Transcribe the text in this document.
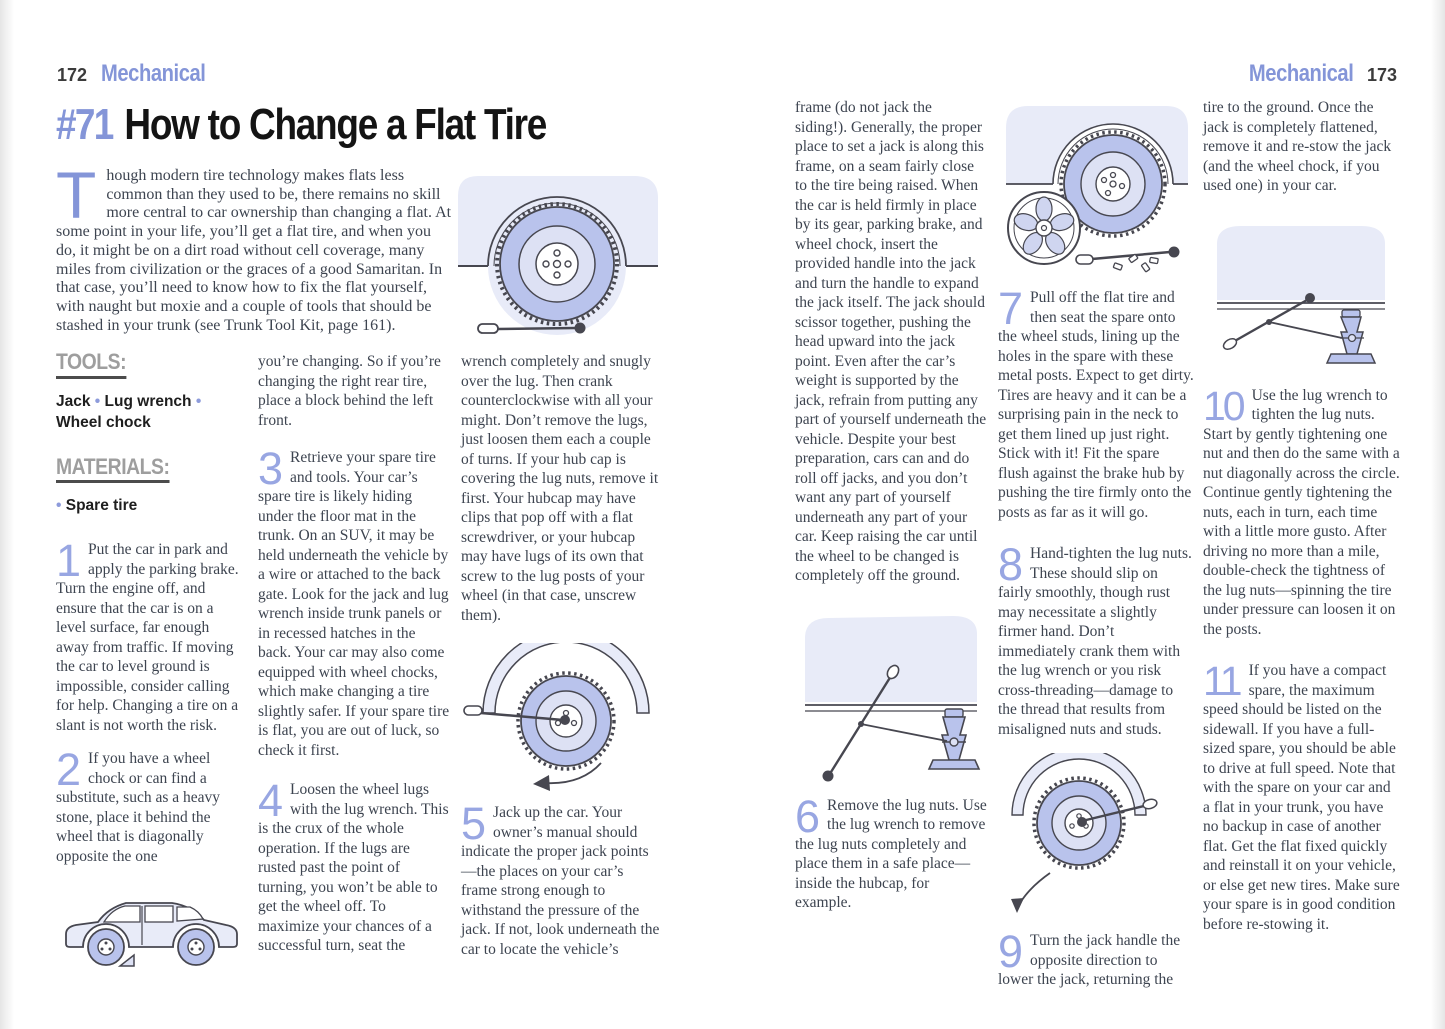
172 Mechanical	Mechanical 173
#71 How to Change a Flat Tire
Though modern tire technology makes flats less common than they used to be, there remains no skill more central to car ownership than changing a flat. At some point in your life, you’ll get a flat tire, and when you do, it might be on a dirt road without cell coverage, many miles from civilization or the graces of a good Samaritan. In that case, you’ll need to know how to fix the flat yourself, with naught but moxie and a couple of tools that should be stashed in your trunk (see Trunk Tool Kit, page 161).
TOOLS:
Jack • Lug wrench • Wheel chock
MATERIALS:
• Spare tire
1 Put the car in park and apply the parking brake. Turn the engine off, and ensure that the car is on a level surface, far enough away from traffic. If moving the car to level ground is impossible, consider calling for help. Changing a tire on a slant is not worth the risk.
2 If you have a wheel chock or can find a substitute, such as a heavy stone, place it behind the wheel that is diagonally opposite the one

you’re changing. So if you’re changing the right rear tire, place a block behind the left front.

3 Retrieve your spare tire and tools. Your car’s spare tire is likely hiding under the floor mat in the trunk. On an SUV, it may be held underneath the vehicle by a wire or attached to the back gate. Look for the jack and lug wrench inside trunk panels or in recessed hatches in the back. Your car may also come equipped with wheel chocks, which make changing a tire slightly safer. If your spare tire is flat, you are out of luck, so check it first.
4 Loosen the wheel lugs with the lug wrench. This is the crux of the whole operation. If the lugs are rusted past the point of turning, you won’t be able to get the wheel off. To maximize your chances of a successful turn, seat the

wrench completely and snugly over the lug. Then crank counterclockwise with all your might. Don’t remove the lugs, just loosen them each a couple of turns. If your hub cap is covering the lug nuts, remove it first. Your hubcap may have clips that pop off with a flat screwdriver, or your hubcap may have lugs of its own that screw to the lug posts of your wheel (in that case, unscrew them).

5 Jack up the car. Your owner’s manual should indicate the proper jack points—the places on your car’s frame strong enough to withstand the pressure of the jack. If not, look underneath the car to locate the vehicle’s

frame (do not jack the siding!). Generally, the proper place to set a jack is along this frame, on a seam fairly close to the tire being raised. When the car is held firmly in place by its gear, parking brake, and wheel chock, insert the provided handle into the jack and turn the handle to expand the jack itself. The jack should scissor together, pushing the head upward into the jack point. Even after the car’s weight is supported by the jack, refrain from putting any part of yourself underneath the vehicle. Despite your best preparation, cars can and do roll off jacks, and you don’t want any part of yourself underneath any part of your car. Keep raising the car until the wheel to be changed is completely off the ground.

6 Remove the lug nuts. Use the lug wrench to remove the lug nuts completely and place them in a safe place—inside the hubcap, for example.
7 Pull off the flat tire and then seat the spare onto the wheel studs, lining up the holes in the spare with these metal posts. Expect to get dirty. Tires are heavy and it can be a surprising pain in the neck to get them lined up just right. Stick with it! Fit the spare flush against the brake hub by pushing the tire firmly onto the posts as far as it will go.
8 Hand-tighten the lug nuts. These should slip on fairly smoothly, though rust may necessitate a slightly firmer hand. Don’t immediately crank them with the lug wrench or you risk cross-threading—damage to the thread that results from misaligned nuts and studs.
9 Turn the jack handle the opposite direction to lower the jack, returning the

tire to the ground. Once the jack is completely flattened, remove it and re-stow the jack (and the wheel chock, if you used one) in your car.

10 Use the lug wrench to tighten the lug nuts. Start by gently tightening one nut and then do the same with a nut diagonally across the circle. Continue gently tightening the nuts, each in turn, each time with a little more gusto. After driving no more than a mile, double-check the tightness of the lug nuts—spinning the tire under pressure can loosen it on the posts.
11 If you have a compact spare, the maximum speed should be listed on the sidewall. If you have a full-sized spare, you should be able to drive at full speed. Note that with the spare on your car and a flat in your trunk, you have no backup in case of another flat. Get the flat fixed quickly and reinstall it on your vehicle, or else get new tires. Make sure your spare is in good condition before re-stowing it.
